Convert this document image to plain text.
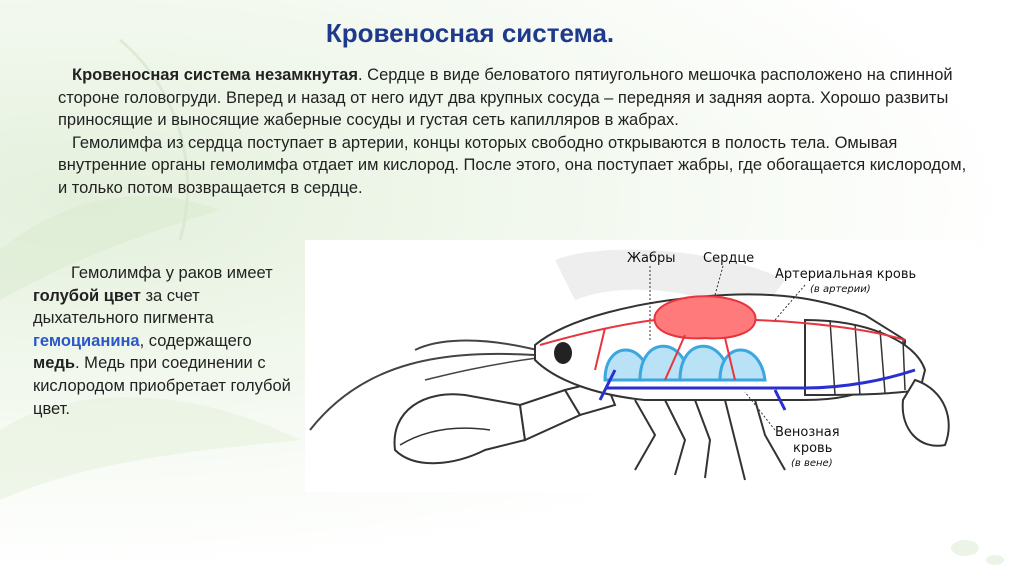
Кровеносная система.

Кровеносная система незамкнутая. Сердце в виде беловатого пятиугольного мешочка расположено на спинной стороне головогруди. Вперед и назад от него идут два крупных сосуда – передняя и задняя аорта. Хорошо развиты приносящие и выносящие жаберные сосуды и густая сеть капилляров в жабрах.

Гемолимфа из сердца поступает в артерии, концы которых свободно открываются в полость тела. Омывая внутренние органы гемолимфа отдает им кислород. После этого, она поступает жабры, где обогащается кислородом, и только потом возвращается в сердце.

Гемолимфа у раков имеет голубой цвет за счет дыхательного пигмента гемоцианина, содержащего медь. Медь при соединении с кислородом приобретает голубой цвет.

Жабры Сердце
Артериальная кровь
(в артерии)
Венозная
кровь
(в вене)
